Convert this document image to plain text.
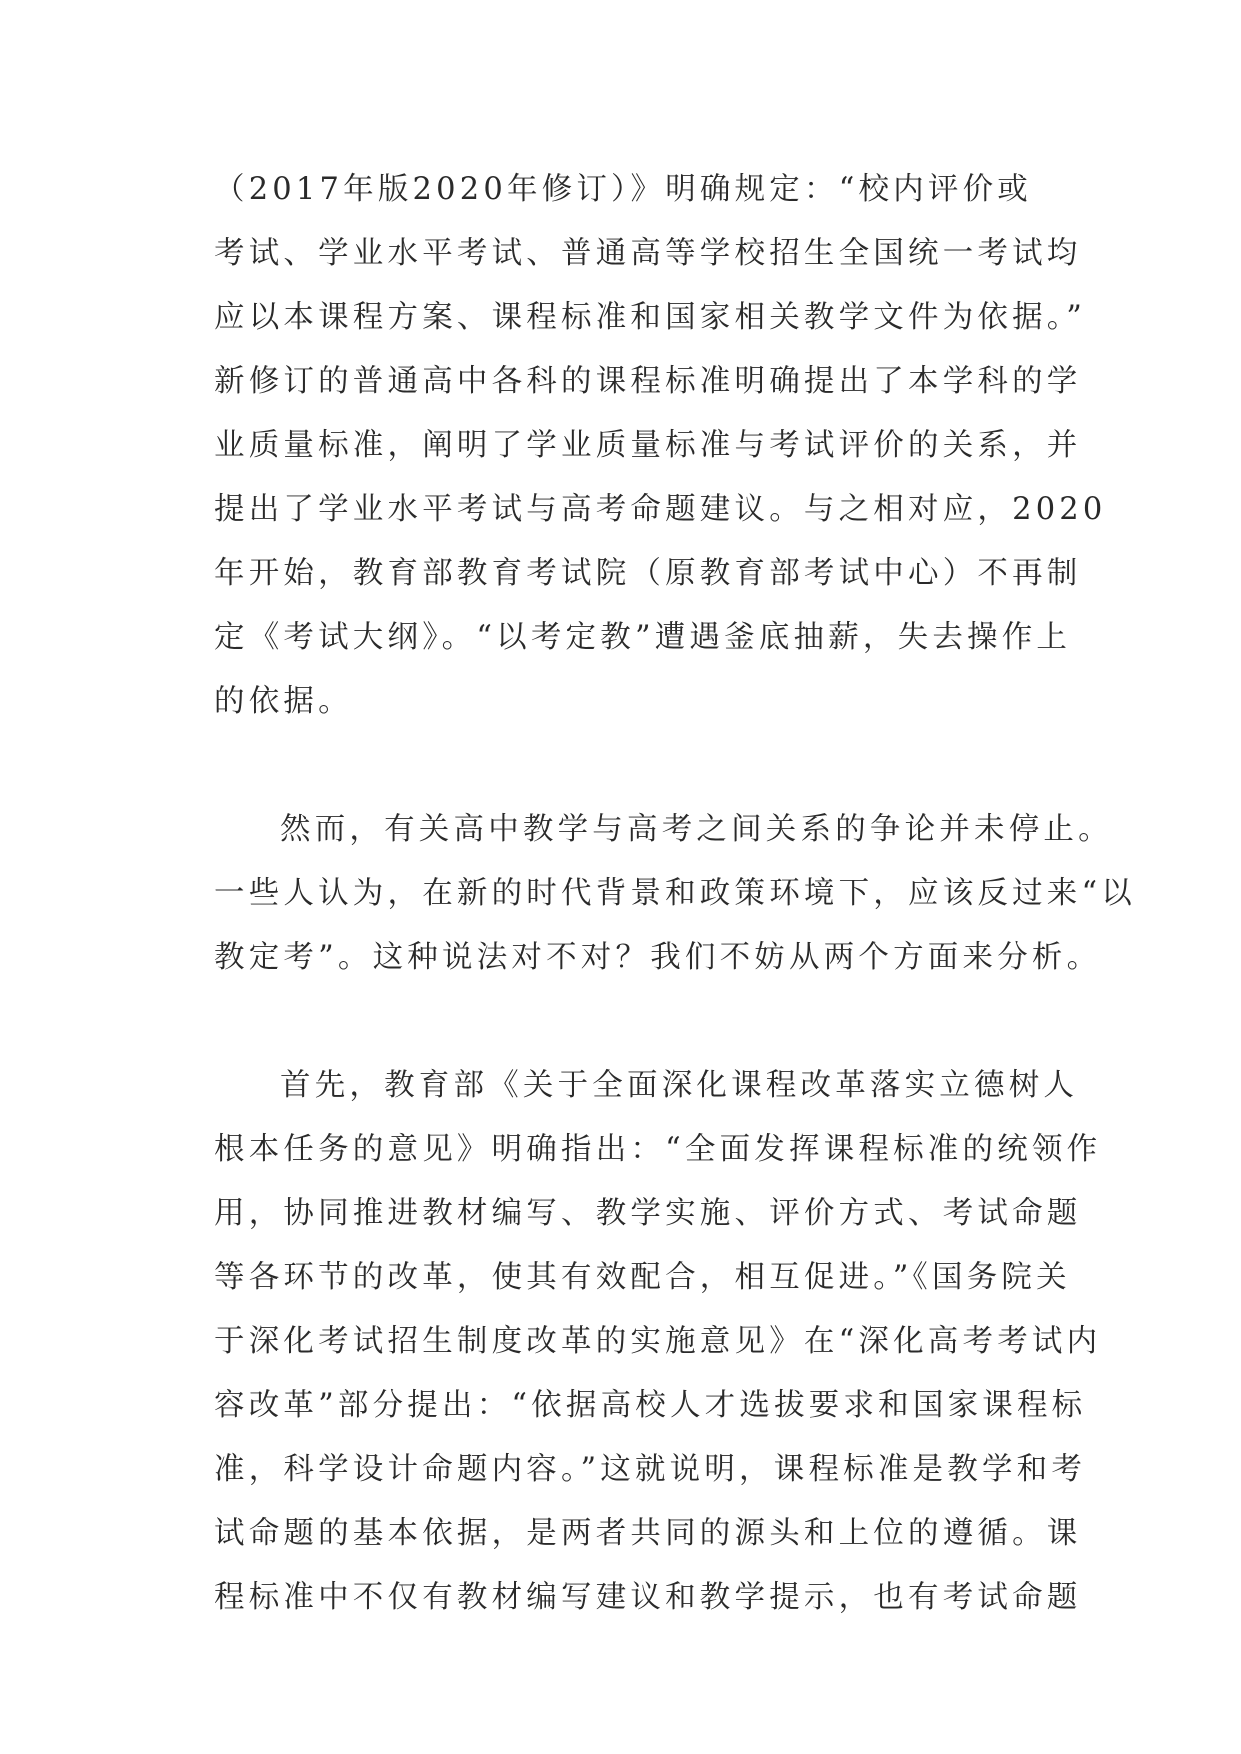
（2017年版2020年修订）》明确规定：“校内评价或
考试、学业水平考试、普通高等学校招生全国统一考试均
应以本课程方案、课程标准和国家相关教学文件为依据。”
新修订的普通高中各科的课程标准明确提出了本学科的学
业质量标准，阐明了学业质量标准与考试评价的关系，并
提出了学业水平考试与高考命题建议。与之相对应，2020
年开始，教育部教育考试院（原教育部考试中心）不再制
定《考试大纲》。“以考定教”遭遇釜底抽薪，失去操作上
的依据。
然而，有关高中教学与高考之间关系的争论并未停止。
一些人认为，在新的时代背景和政策环境下，应该反过来“以
教定考”。这种说法对不对？我们不妨从两个方面来分析。
首先，教育部《关于全面深化课程改革落实立德树人
根本任务的意见》明确指出：“全面发挥课程标准的统领作
用，协同推进教材编写、教学实施、评价方式、考试命题
等各环节的改革，使其有效配合，相互促进。”《国务院关
于深化考试招生制度改革的实施意见》在“深化高考考试内
容改革”部分提出：“依据高校人才选拔要求和国家课程标
准，科学设计命题内容。”这就说明，课程标准是教学和考
试命题的基本依据，是两者共同的源头和上位的遵循。课
程标准中不仅有教材编写建议和教学提示，也有考试命题
